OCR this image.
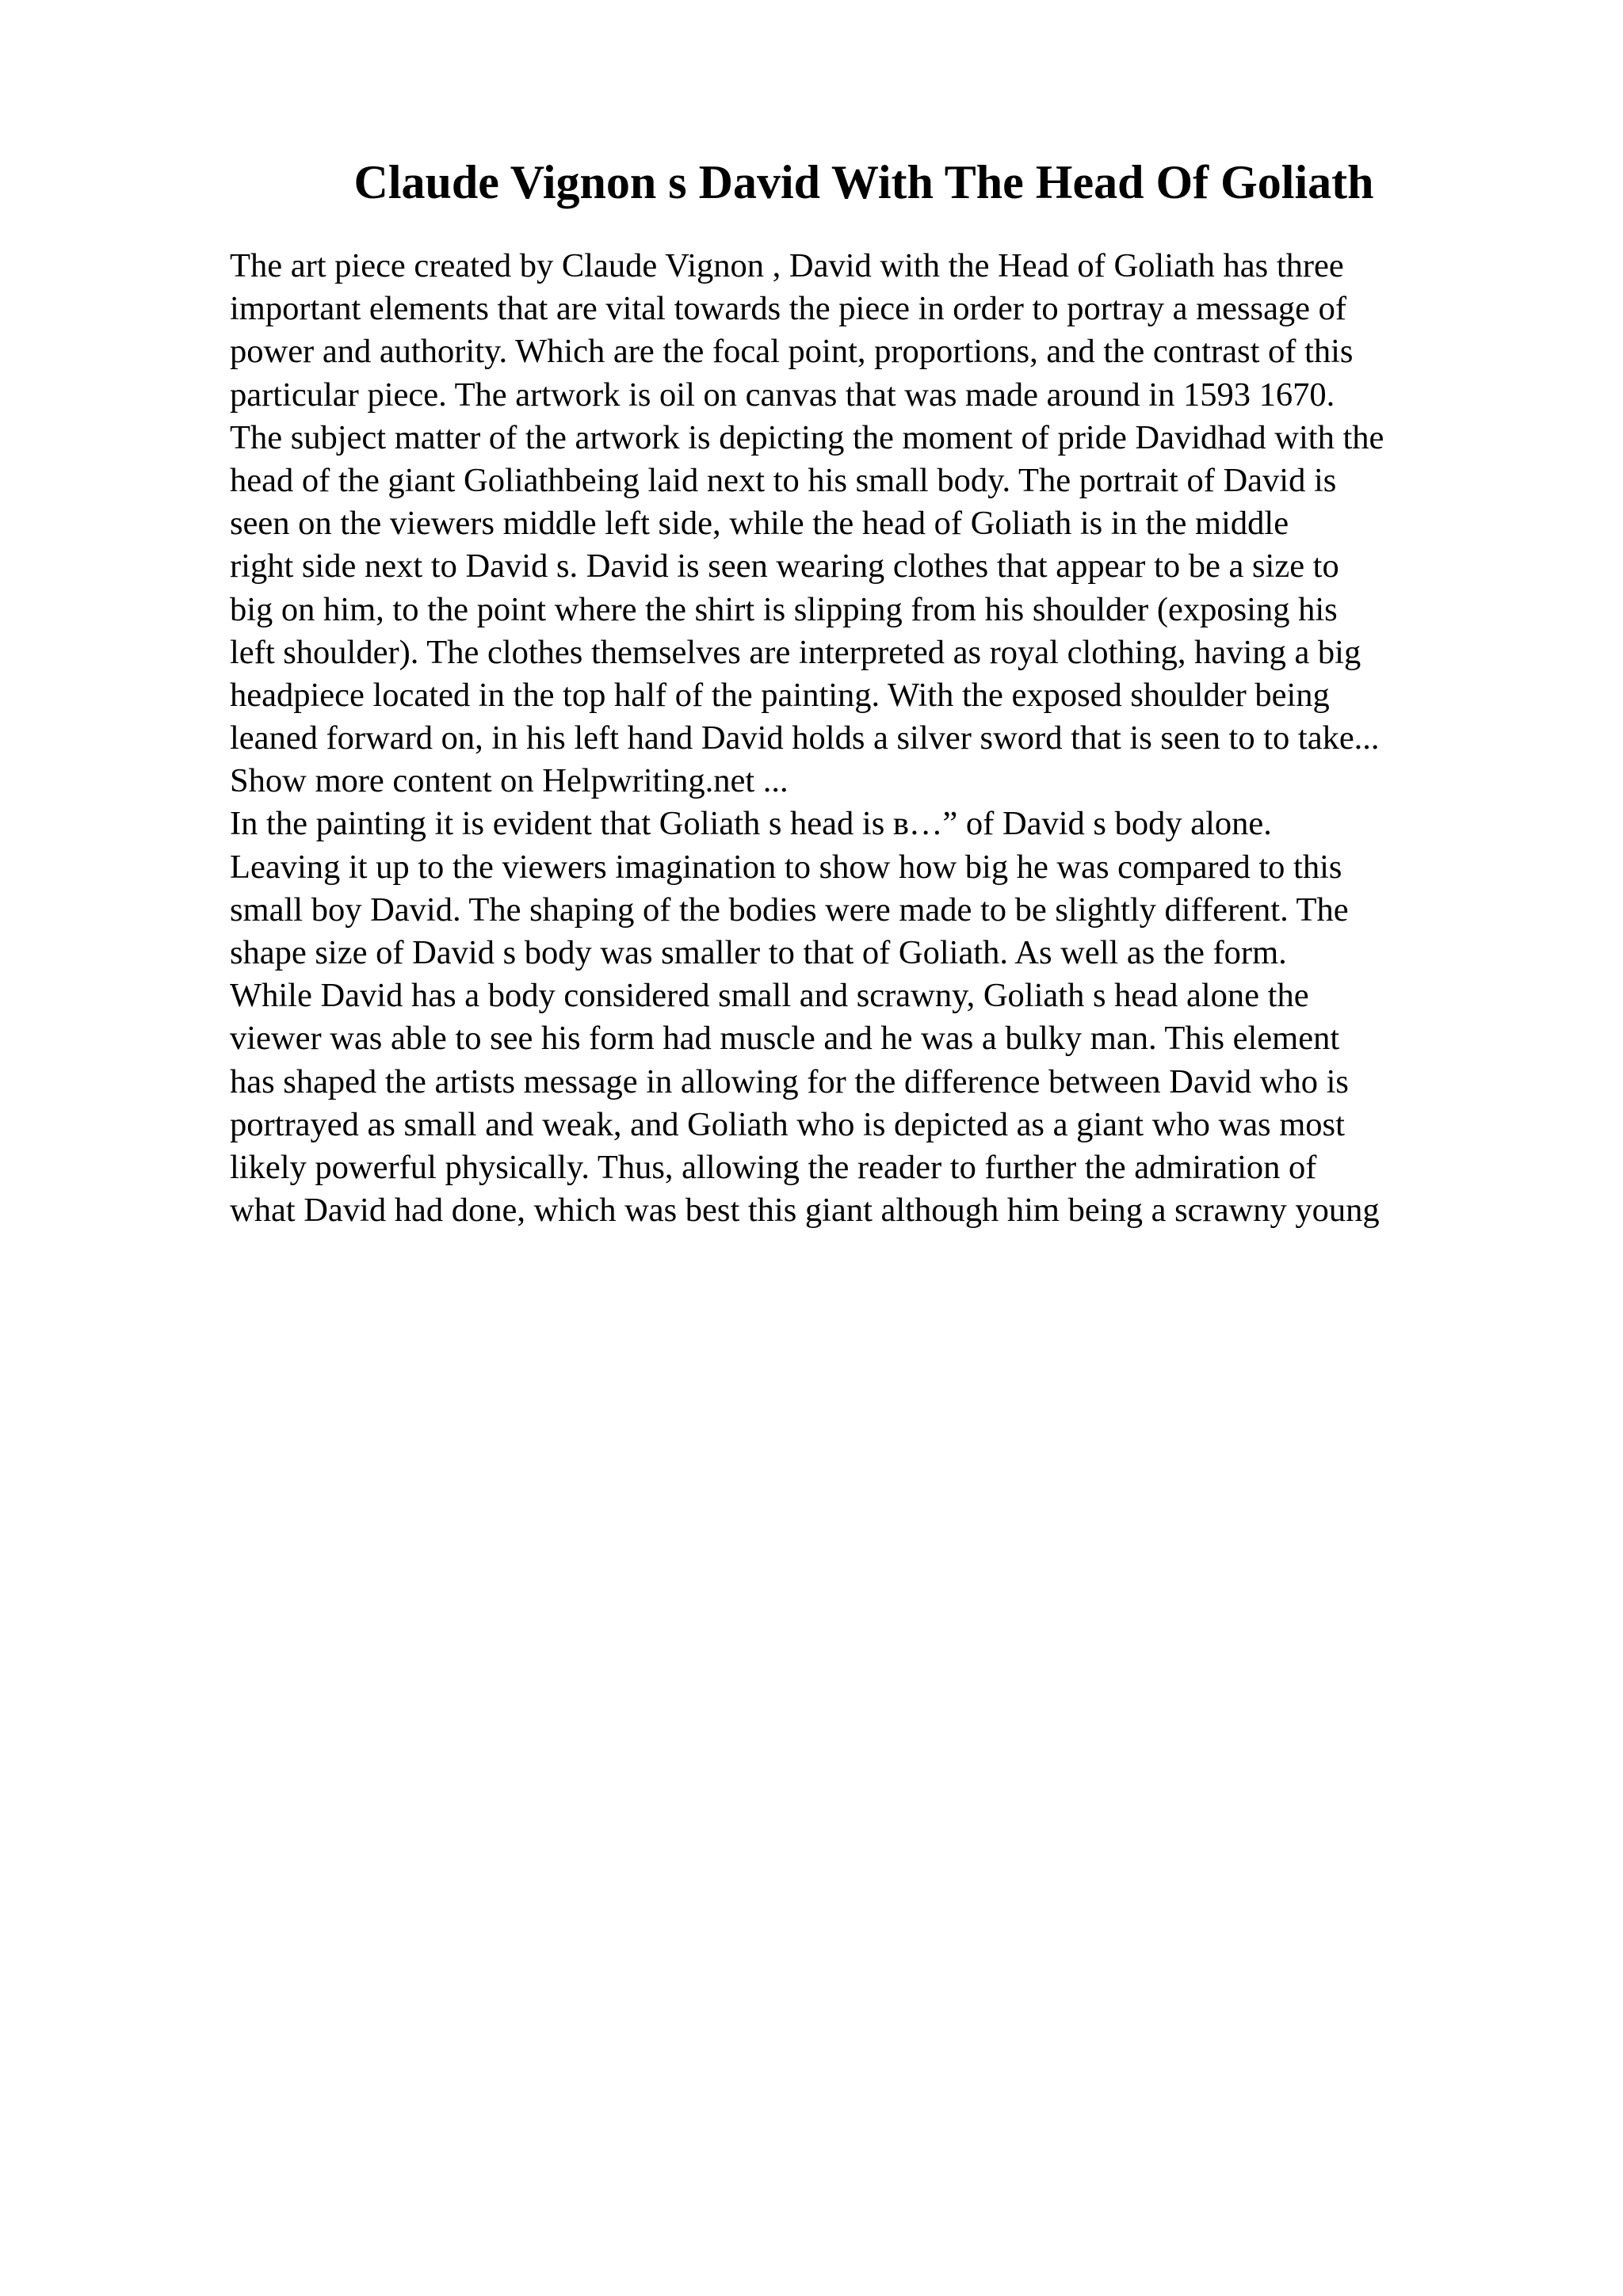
Claude Vignon s David With The Head Of Goliath
The art piece created by Claude Vignon , David with the Head of Goliath has three
important elements that are vital towards the piece in order to portray a message of
power and authority. Which are the focal point, proportions, and the contrast of this
particular piece. The artwork is oil on canvas that was made around in 1593 1670.
The subject matter of the artwork is depicting the moment of pride Davidhad with the
head of the giant Goliathbeing laid next to his small body. The portrait of David is
seen on the viewers middle left side, while the head of Goliath is in the middle
right side next to David s. David is seen wearing clothes that appear to be a size to
big on him, to the point where the shirt is slipping from his shoulder (exposing his
left shoulder). The clothes themselves are interpreted as royal clothing, having a big
headpiece located in the top half of the painting. With the exposed shoulder being
leaned forward on, in his left hand David holds a silver sword that is seen to to take...
Show more content on Helpwriting.net ...
In the painting it is evident that Goliath s head is в…” of David s body alone.
Leaving it up to the viewers imagination to show how big he was compared to this
small boy David. The shaping of the bodies were made to be slightly different. The
shape size of David s body was smaller to that of Goliath. As well as the form.
While David has a body considered small and scrawny, Goliath s head alone the
viewer was able to see his form had muscle and he was a bulky man. This element
has shaped the artists message in allowing for the difference between David who is
portrayed as small and weak, and Goliath who is depicted as a giant who was most
likely powerful physically. Thus, allowing the reader to further the admiration of
what David had done, which was best this giant although him being a scrawny young
